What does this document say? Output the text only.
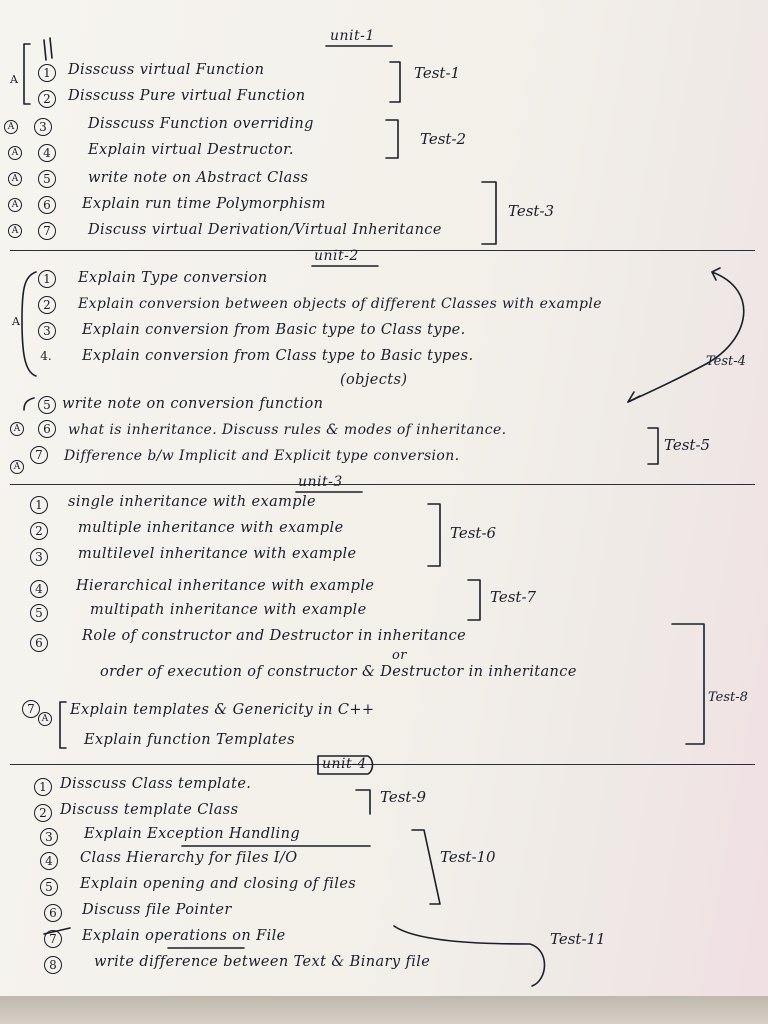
unit-1
A	1	Disscuss virtual Function
2	Disscuss Pure virtual Function
A	3	Disscuss Function overriding
A	4	Explain virtual Destructor.
A	5	write note on Abstract Class
A	6	Explain run time Polymorphism
A	7	Discuss virtual Derivation/Virtual Inheritance
Test-1
Test-2
Test-3
unit-2
A
1	Explain Type conversion
2	Explain conversion between objects of different Classes with example
3	Explain conversion from Basic type to Class type.
4. Explain conversion from Class type to Basic types.
(objects)
5 write note on conversion function
A	6	what is inheritance. Discuss rules & modes of inheritance.
A
7	Difference b/w Implicit and Explicit type conversion.
Test-4
Test-5
unit-3
1	single inheritance with example
2	multiple inheritance with example
3	multilevel inheritance with example
4	Hierarchical inheritance with example
5	multipath inheritance with example
6	Role of constructor and Destructor in inheritance
or
order of execution of constructor & Destructor in inheritance
7
A
Explain templates & Genericity in C++
Explain function Templates
Test-6
Test-7
Test-8
unit-4
1 Disscuss Class template.
2 Discuss template Class
3	Explain Exception Handling
4	Class Hierarchy for files I/O
5	Explain opening and closing of files
6	Discuss file Pointer
7	Explain operations on File
8	write difference between Text & Binary file
Test-9
Test-10
Test-11
